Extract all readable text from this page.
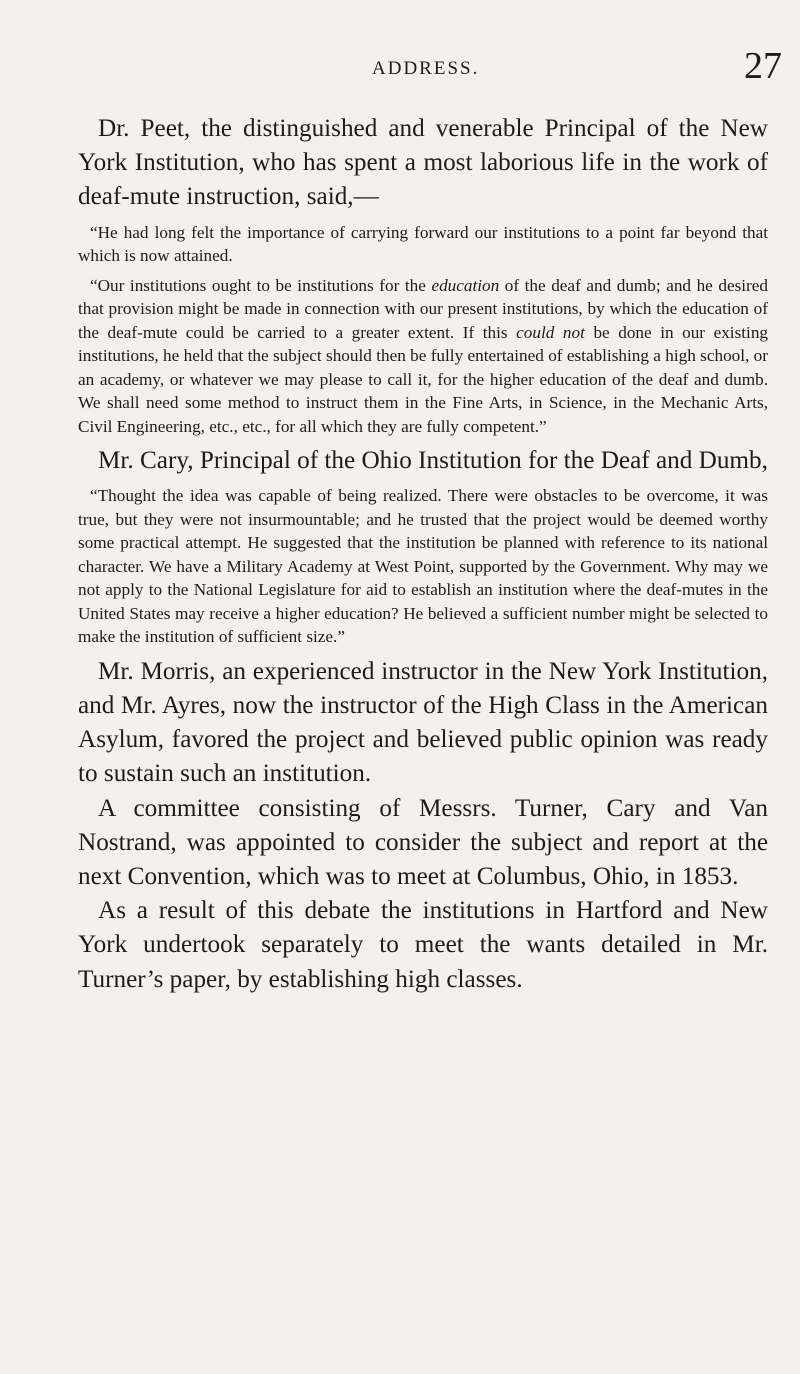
ADDRESS.	27

Dr. Peet, the distinguished and venerable Principal of the New York Institution, who has spent a most laborious life in the work of deaf-mute instruction, said,—

“He had long felt the importance of carrying forward our institutions to a point far beyond that which is now attained.

“Our institutions ought to be institutions for the education of the deaf and dumb; and he desired that provision might be made in connection with our present institutions, by which the education of the deaf-mute could be carried to a greater extent. If this could not be done in our existing institutions, he held that the subject should then be fully entertained of establishing a high school, or an academy, or whatever we may please to call it, for the higher education of the deaf and dumb. We shall need some method to instruct them in the Fine Arts, in Science, in the Mechanic Arts, Civil Engineering, etc., etc., for all which they are fully competent.”

Mr. Cary, Principal of the Ohio Institution for the Deaf and Dumb,

“Thought the idea was capable of being realized. There were obstacles to be overcome, it was true, but they were not insurmountable; and he trusted that the project would be deemed worthy some practical attempt. He suggested that the institution be planned with reference to its national character. We have a Military Academy at West Point, supported by the Government. Why may we not apply to the National Legislature for aid to establish an institution where the deaf-mutes in the United States may receive a higher education? He believed a sufficient number might be selected to make the institution of sufficient size.”

Mr. Morris, an experienced instructor in the New York Institution, and Mr. Ayres, now the instructor of the High Class in the American Asylum, favored the project and believed public opinion was ready to sustain such an institution.

A committee consisting of Messrs. Turner, Cary and Van Nostrand, was appointed to consider the subject and report at the next Convention, which was to meet at Columbus, Ohio, in 1853.

As a result of this debate the institutions in Hartford and New York undertook separately to meet the wants detailed in Mr. Turner’s paper, by establishing high classes.
